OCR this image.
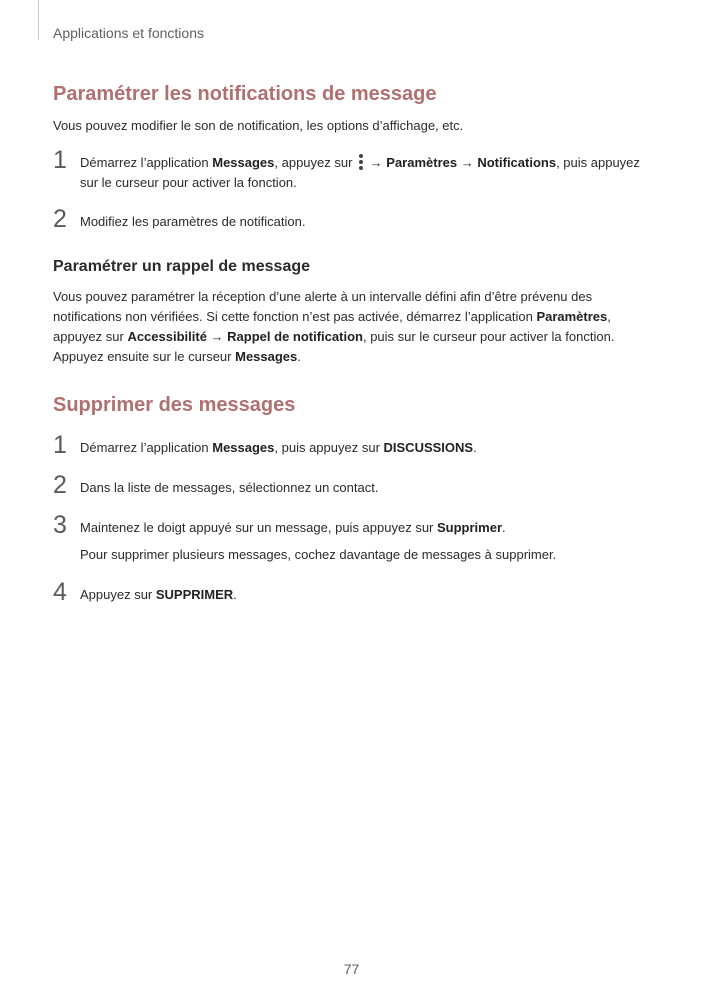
Applications et fonctions
Paramétrer les notifications de message

Vous pouvez modifier le son de notification, les options d’affichage, etc.

1 Démarrez l’application Messages, appuyez sur
→ Paramètres → Notifications, puis appuyez sur le curseur pour activer la fonction.
2 Modifiez les paramètres de notification.
Paramétrer un rappel de message

Vous pouvez paramétrer la réception d’une alerte à un intervalle défini afin d’être prévenu des notifications non vérifiées. Si cette fonction n’est pas activée, démarrez l’application Paramètres, appuyez sur Accessibilité → Rappel de notification, puis sur le curseur pour activer la fonction. Appuyez ensuite sur le curseur Messages.

Supprimer des messages
1 Démarrez l’application Messages, puis appuyez sur DISCUSSIONS.
2 Dans la liste de messages, sélectionnez un contact.
3 Maintenez le doigt appuyé sur un message, puis appuyez sur Supprimer.
Pour supprimer plusieurs messages, cochez davantage de messages à supprimer.
4 Appuyez sur SUPPRIMER.
77
